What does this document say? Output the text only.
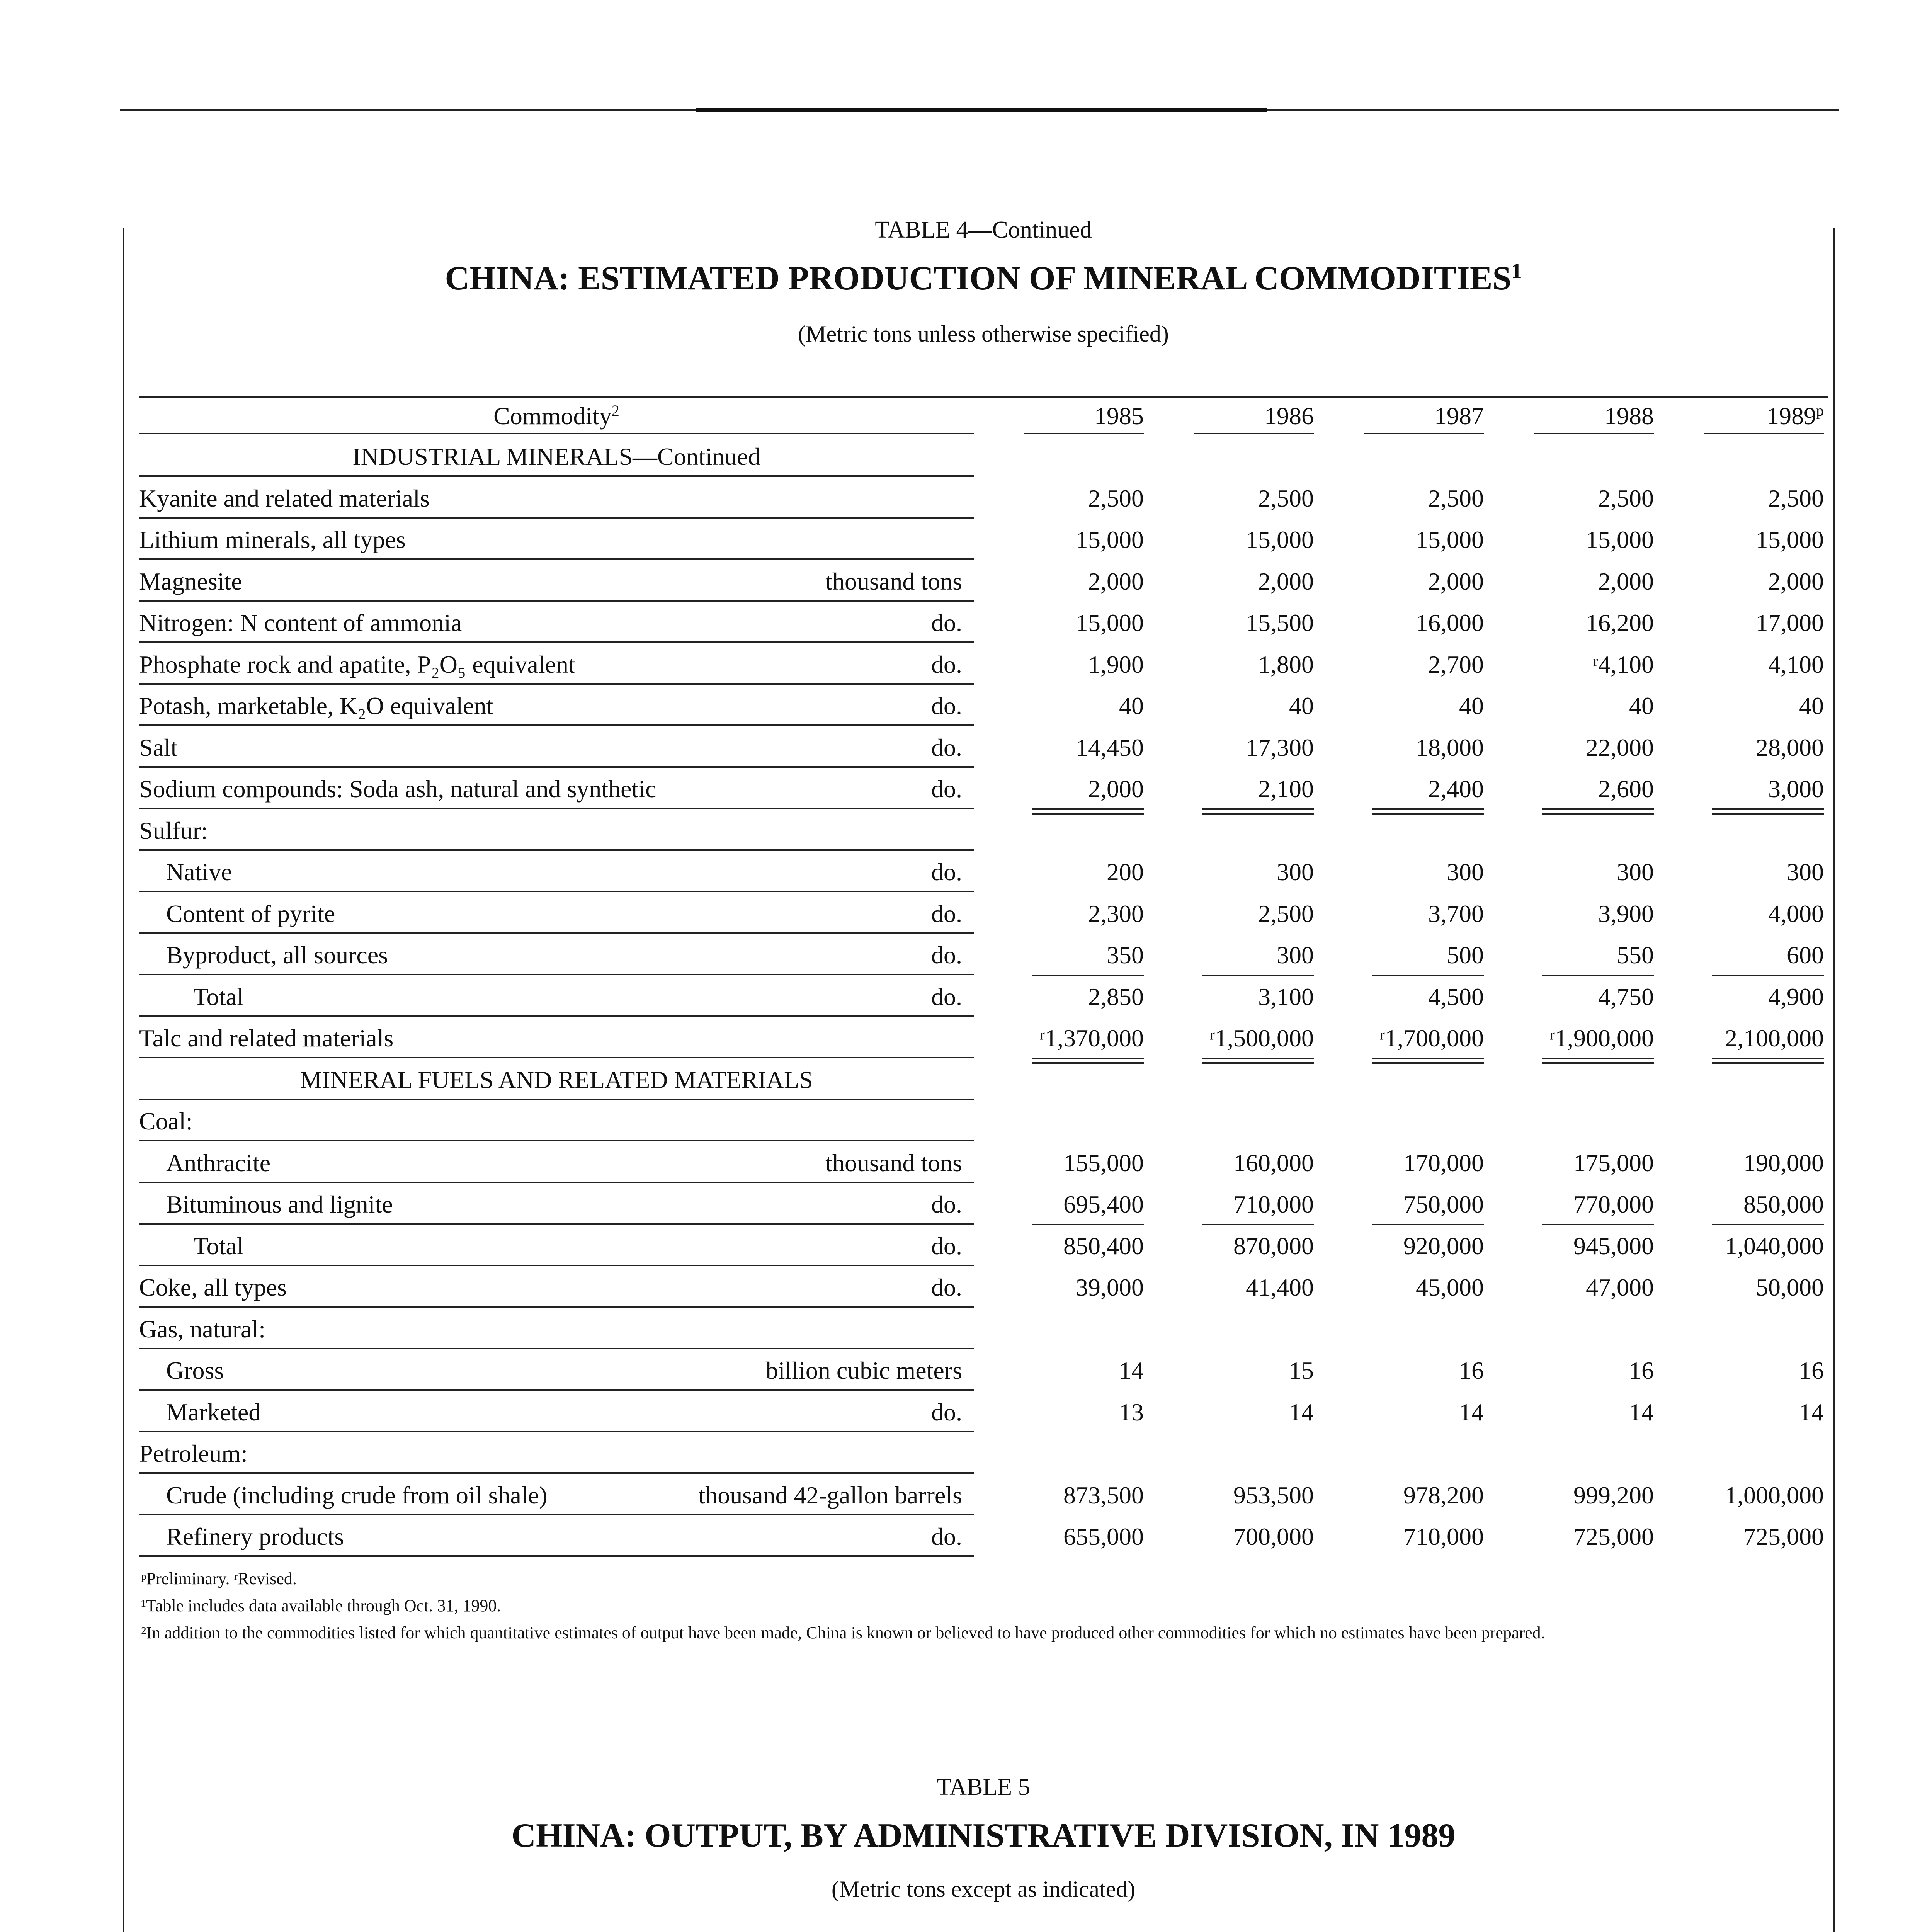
TABLE 4—Continued
CHINA: ESTIMATED PRODUCTION OF MINERAL COMMODITIES$^1$
(Metric tons unless otherwise specified)
Commodity$^2$	1985	1986	1987	1988	1989$^p$
INDUSTRIAL MINERALS—Continued
Kyanite and related materials	2,500	2,500	2,500	2,500	2,500
Lithium minerals, all types	15,000	15,000	15,000	15,000	15,000
Magnesite	thousand tons	2,000	2,000	2,000	2,000	2,000
Nitrogen: N content of ammonia	do.	15,000	15,500	16,000	16,200	17,000
Phosphate rock and apatite, P₂O₅ equivalent	do.	1,900	1,800	2,700	ʳ4,100	4,100
Potash, marketable, K₂O equivalent	do.	40	40	40	40	40
Salt	do.	14,450	17,300	18,000	22,000	28,000
Sodium compounds: Soda ash, natural and synthetic	do.	2,000	2,100	2,400	2,600	3,000
Sulfur:
Native	do.	200	300	300	300	300
Content of pyrite	do.	2,300	2,500	3,700	3,900	4,000
Byproduct, all sources	do.	350	300	500	550	600
Total	do.	2,850	3,100	4,500	4,750	4,900
Talc and related materials	ʳ1,370,000	ʳ1,500,000	ʳ1,700,000	ʳ1,900,000	2,100,000
MINERAL FUELS AND RELATED MATERIALS
Coal:
Anthracite	thousand tons	155,000	160,000	170,000	175,000	190,000
Bituminous and lignite	do.	695,400	710,000	750,000	770,000	850,000
Total	do.	850,400	870,000	920,000	945,000	1,040,000
Coke, all types	do.	39,000	41,400	45,000	47,000	50,000
Gas, natural:
Gross	billion cubic meters	14	15	16	16	16
Marketed	do.	13	14	14	14	14
Petroleum:
Crude (including crude from oil shale)	thousand 42-gallon barrels	873,500	953,500	978,200	999,200	1,000,000
Refinery products	do.	655,000	700,000	710,000	725,000	725,000
ᵖPreliminary. ʳRevised.
¹Table includes data available through Oct. 31, 1990.
²In addition to the commodities listed for which quantitative estimates of output have been made, China is known or believed to have produced other commodities for which no estimates have been prepared.
TABLE 5
CHINA: OUTPUT, BY ADMINISTRATIVE DIVISION, IN 1989
(Metric tons except as indicated)
